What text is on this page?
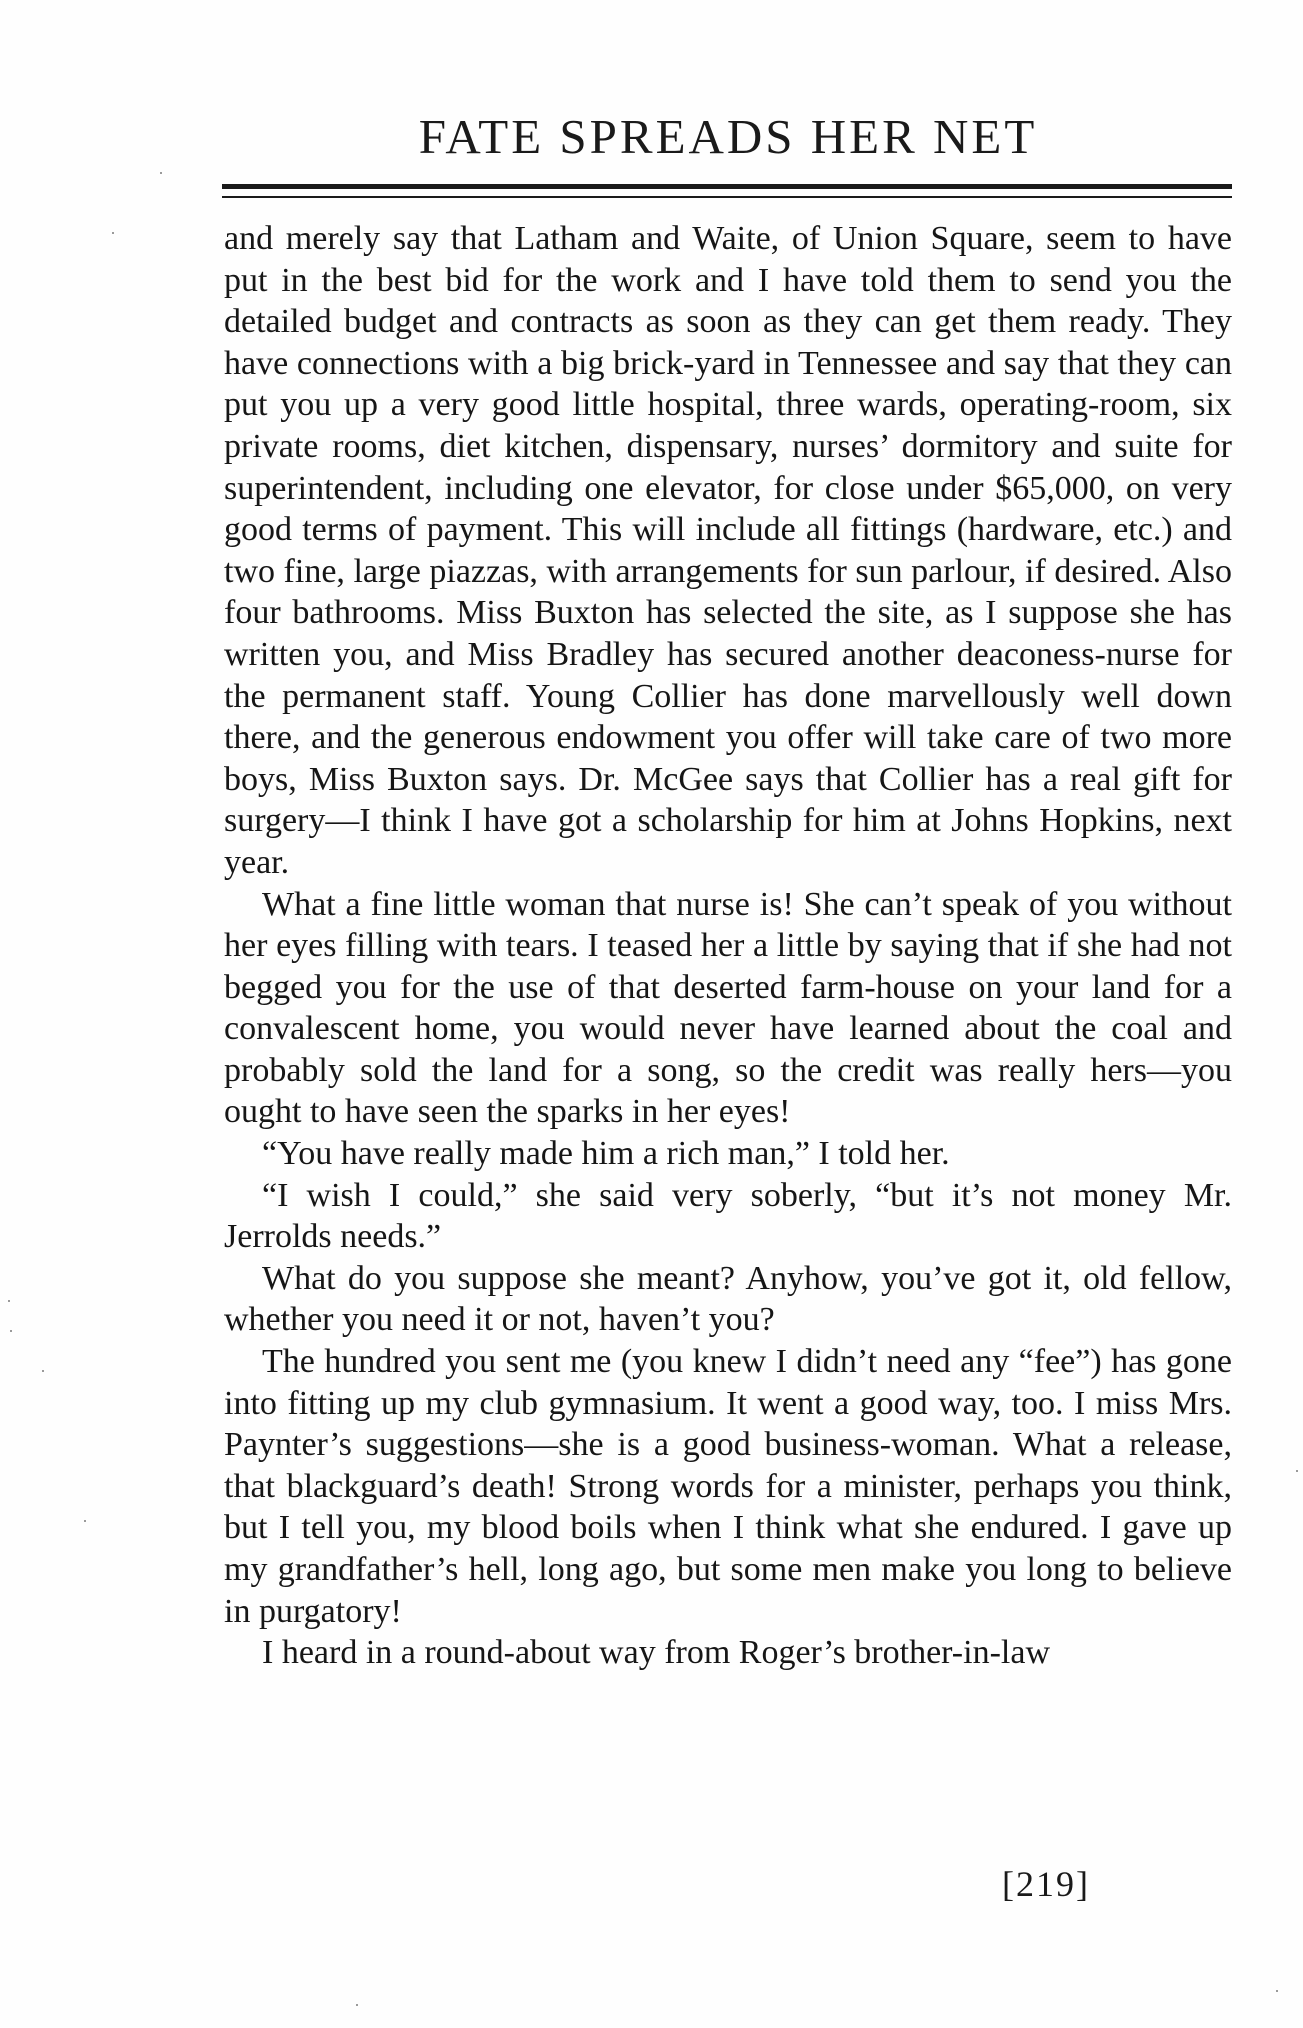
FATE SPREADS HER NET

and merely say that Latham and Waite, of Union Square, seem to have put in the best bid for the work and I have told them to send you the detailed budget and contracts as soon as they can get them ready. They have connections with a big brick-yard in Tennessee and say that they can put you up a very good little hospital, three wards, operating-room, six private rooms, diet kitchen, dispensary, nurses’ dormitory and suite for superintendent, including one elevator, for close under $65,000, on very good terms of payment. This will include all fittings (hardware, etc.) and two fine, large piazzas, with arrangements for sun parlour, if desired. Also four bathrooms. Miss Buxton has selected the site, as I suppose she has written you, and Miss Bradley has secured another deaconess-nurse for the permanent staff. Young Collier has done marvellously well down there, and the generous endowment you offer will take care of two more boys, Miss Buxton says. Dr. McGee says that Collier has a real gift for surgery—I think I have got a scholarship for him at Johns Hopkins, next year.

What a fine little woman that nurse is! She can’t speak of you without her eyes filling with tears. I teased her a little by saying that if she had not begged you for the use of that deserted farm-house on your land for a convalescent home, you would never have learned about the coal and probably sold the land for a song, so the credit was really hers—you ought to have seen the sparks in her eyes!

“You have really made him a rich man,” I told her.

“I wish I could,” she said very soberly, “but it’s not money Mr. Jerrolds needs.”

What do you suppose she meant? Anyhow, you’ve got it, old fellow, whether you need it or not, haven’t you?

The hundred you sent me (you knew I didn’t need any “fee”) has gone into fitting up my club gymnasium. It went a good way, too. I miss Mrs. Paynter’s suggestions—she is a good business-woman. What a release, that blackguard’s death! Strong words for a minister, perhaps you think, but I tell you, my blood boils when I think what she endured. I gave up my grandfather’s hell, long ago, but some men make you long to believe in purgatory!

I heard in a round-about way from Roger’s brother-in-law

[219]
